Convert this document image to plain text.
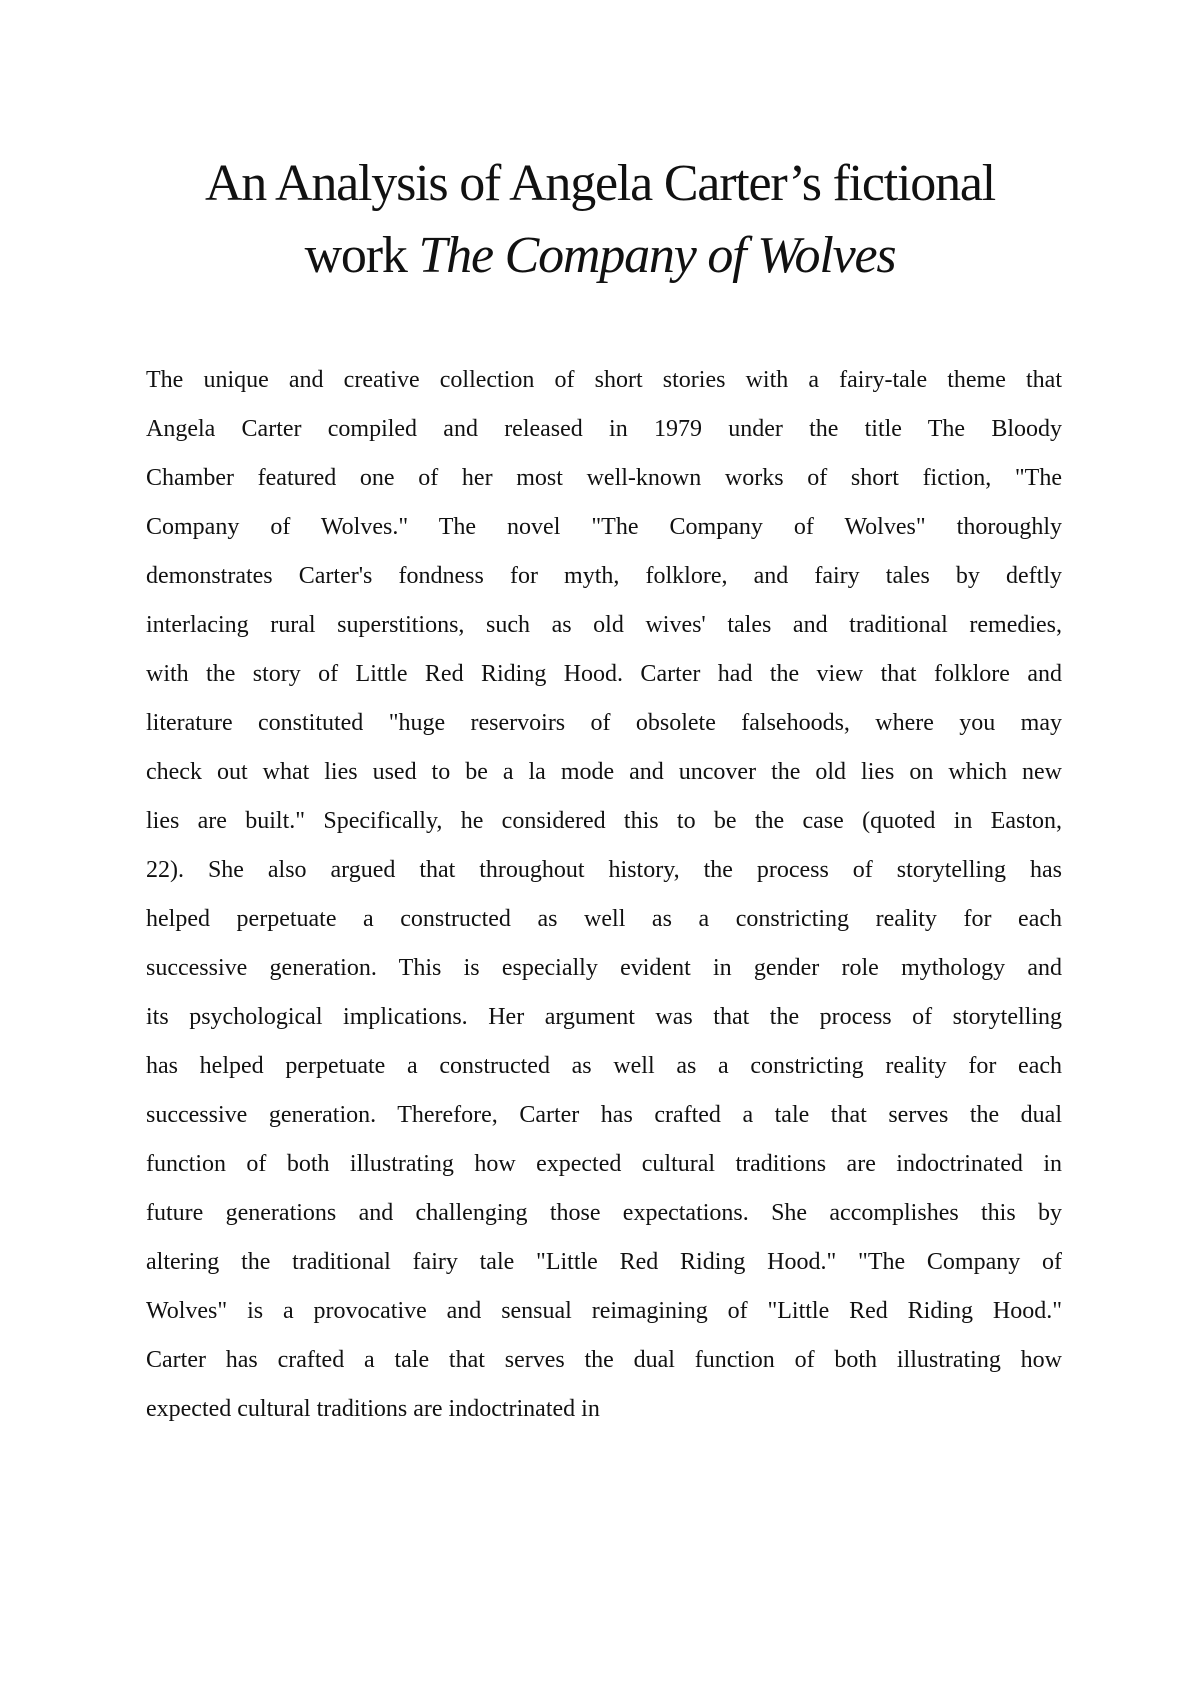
An Analysis of Angela Carter’s fictional
work The Company of Wolves
The unique and creative collection of short stories with a fairy-tale theme that
Angela Carter compiled and released in 1979 under the title The Bloody
Chamber featured one of her most well-known works of short fiction, "The
Company of Wolves." The novel "The Company of Wolves" thoroughly
demonstrates Carter's fondness for myth, folklore, and fairy tales by deftly
interlacing rural superstitions, such as old wives' tales and traditional remedies,
with the story of Little Red Riding Hood. Carter had the view that folklore and
literature constituted "huge reservoirs of obsolete falsehoods, where you may
check out what lies used to be a la mode and uncover the old lies on which new
lies are built." Specifically, he considered this to be the case (quoted in Easton,
22). She also argued that throughout history, the process of storytelling has
helped perpetuate a constructed as well as a constricting reality for each
successive generation. This is especially evident in gender role mythology and
its psychological implications. Her argument was that the process of storytelling
has helped perpetuate a constructed as well as a constricting reality for each
successive generation. Therefore, Carter has crafted a tale that serves the dual
function of both illustrating how expected cultural traditions are indoctrinated in
future generations and challenging those expectations. She accomplishes this by
altering the traditional fairy tale "Little Red Riding Hood." "The Company of
Wolves" is a provocative and sensual reimagining of "Little Red Riding Hood."
Carter has crafted a tale that serves the dual function of both illustrating how
expected cultural traditions are indoctrinated in
